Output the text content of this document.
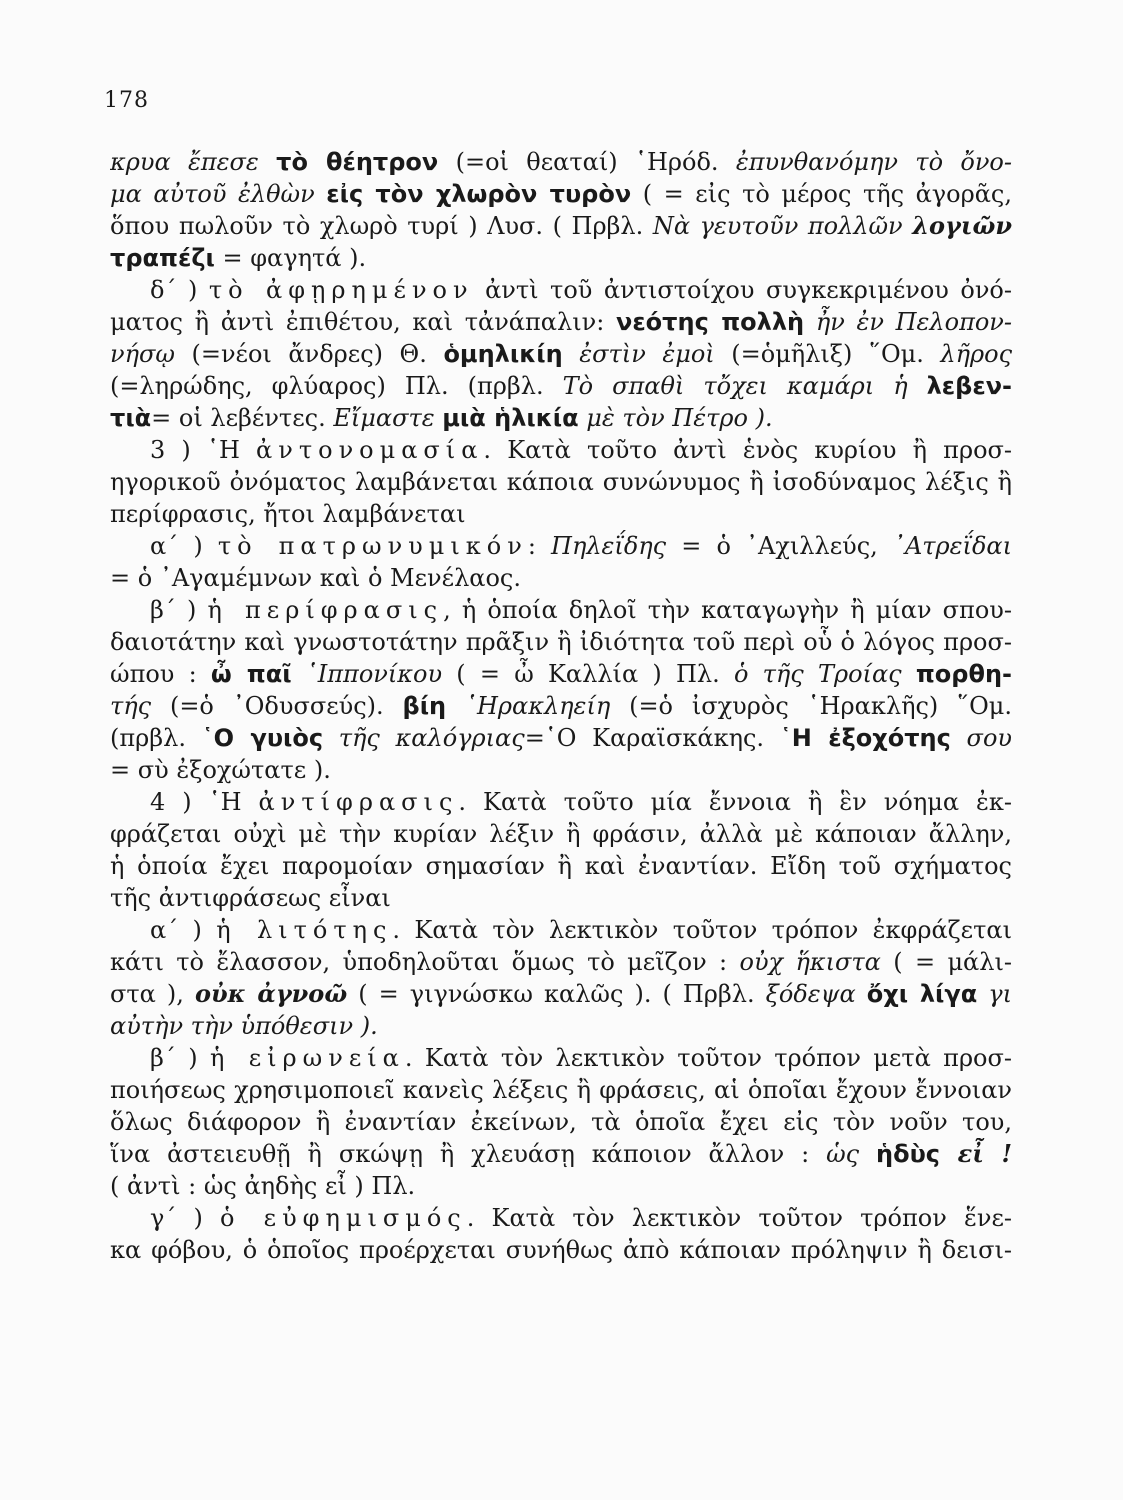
178
κρυα ἔπεσε τὸ θέητρον (=οἱ θεαταί) ῾Ηρόδ. ἐπυνθανόμην τὸ ὄνο-
μα αὐτοῦ ἐλθὼν εἰς τὸν χλωρὸν τυρὸν ( = εἰς τὸ μέρος τῆς ἀγορᾶς,
ὅπου πωλοῦν τὸ χλωρὸ τυρί ) Λυσ. ( Πρβλ. Νὰ γευτοῦν πολλῶν λογιῶν
τραπέζι = φαγητά ).
δ΄ ) τὸ ἀφῃρημένον ἀντὶ τοῦ ἀντιστοίχου συγκεκριμένου ὀνό-
ματος ἢ ἀντὶ ἐπιθέτου, καὶ τἀνάπαλιν: νεότης πολλὴ ἦν ἐν Πελοπον-
νήσῳ (=νέοι ἄνδρες) Θ. ὁμηλικίη ἐστὶν ἐμοὶ (=ὁμῆλιξ) ῞Ομ. λῆρος
(=ληρώδης, φλύαρος) Πλ. (πρβλ. Τὸ σπαθὶ τὄχει καμάρι ἡ λεβεν-
τιὰ= οἱ λεβέντες. Εἴμαστε μιὰ ἡλικία μὲ τὸν Πέτρο ).
3 ) ῾Η ἀντονομασία. Κατὰ τοῦτο ἀντὶ ἑνὸς κυρίου ἢ προσ-
ηγορικοῦ ὀνόματος λαμβάνεται κάποια συνώνυμος ἢ ἰσοδύναμος λέξις ἢ
περίφρασις, ἤτοι λαμβάνεται
α΄ ) τὸ πατρωνυμικόν: Πηλεΐδης = ὁ ᾿Αχιλλεύς, ᾿Ατρεΐδαι
= ὁ ᾿Αγαμέμνων καὶ ὁ Μενέλαος.
β΄ ) ἡ περίφρασις, ἡ ὁποία δηλοῖ τὴν καταγωγὴν ἢ μίαν σπου-
δαιοτάτην καὶ γνωστοτάτην πρᾶξιν ἢ ἰδιότητα τοῦ περὶ οὗ ὁ λόγος προσ-
ώπου : ὦ παῖ ῾Ιππονίκου ( = ὦ Καλλία ) Πλ. ὁ τῆς Τροίας πορθη-
τής (=ὁ ᾿Οδυσσεύς). βίη ῾Ηρακληείη (=ὁ ἰσχυρὸς ῾Ηρακλῆς) ῞Ομ.
(πρβλ. ῾Ο γυιὸς τῆς καλόγριας=῾Ο Καραϊσκάκης. ῾Η ἐξοχότης σου
= σὺ ἐξοχώτατε ).
4 ) ῾Η ἀντίφρασις. Κατὰ τοῦτο μία ἔννοια ἢ ἓν νόημα ἐκ-
φράζεται οὐχὶ μὲ τὴν κυρίαν λέξιν ἢ φράσιν, ἀλλὰ μὲ κάποιαν ἄλλην,
ἡ ὁποία ἔχει παρομοίαν σημασίαν ἢ καὶ ἐναντίαν. Εἴδη τοῦ σχήματος
τῆς ἀντιφράσεως εἶναι
α΄ ) ἡ λιτότης. Κατὰ τὸν λεκτικὸν τοῦτον τρόπον ἐκφράζεται
κάτι τὸ ἔλασσον, ὑποδηλοῦται ὅμως τὸ μεῖζον : οὐχ ἥκιστα ( = μάλι-
στα ), οὐκ ἀγνοῶ ( = γιγνώσκω καλῶς ). ( Πρβλ. ξόδεψα ὄχι λίγα γι
αὐτὴν τὴν ὑπόθεσιν ).
β΄ ) ἡ εἰρωνεία. Κατὰ τὸν λεκτικὸν τοῦτον τρόπον μετὰ προσ-
ποιήσεως χρησιμοποιεῖ κανεὶς λέξεις ἢ φράσεις, αἱ ὁποῖαι ἔχουν ἔννοιαν
ὅλως διάφορον ἢ ἐναντίαν ἐκείνων, τὰ ὁποῖα ἔχει εἰς τὸν νοῦν του,
ἵνα ἀστειευθῇ ἢ σκώψῃ ἢ χλευάσῃ κάποιον ἄλλον : ὡς ἡδὺς εἶ !
( ἀντὶ : ὡς ἀηδὴς εἶ ) Πλ.
γ΄ ) ὁ εὐφημισμός. Κατὰ τὸν λεκτικὸν τοῦτον τρόπον ἕνε-
κα φόβου, ὁ ὁποῖος προέρχεται συνήθως ἀπὸ κάποιαν πρόληψιν ἢ δεισι-
